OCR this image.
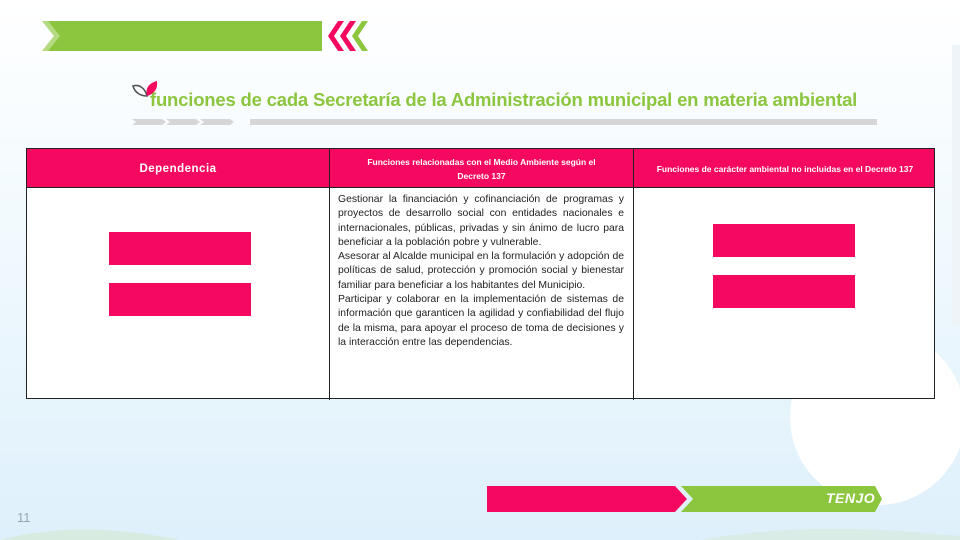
funciones de cada Secretaría de la Administración municipal en materia ambiental
Dependencia
Funciones relacionadas con el Medio Ambiente según el Decreto 137
Funciones de carácter ambiental no incluidas en el Decreto 137

Gestionar la financiación y cofinanciación de programas y proyectos de desarrollo social con entidades nacionales e internacionales, públicas, privadas y sin ánimo de lucro para beneficiar a la población pobre y vulnerable.

Asesorar al Alcalde municipal en la formulación y adopción de políticas de salud, protección y promoción social y bienestar familiar para beneficiar a los habitantes del Municipio.

Participar y colaborar en la implementación de sistemas de información que garanticen la agilidad y confiabilidad del flujo de la misma, para apoyar el proceso de toma de decisiones y la interacción entre las dependencias.

TENJO
11
